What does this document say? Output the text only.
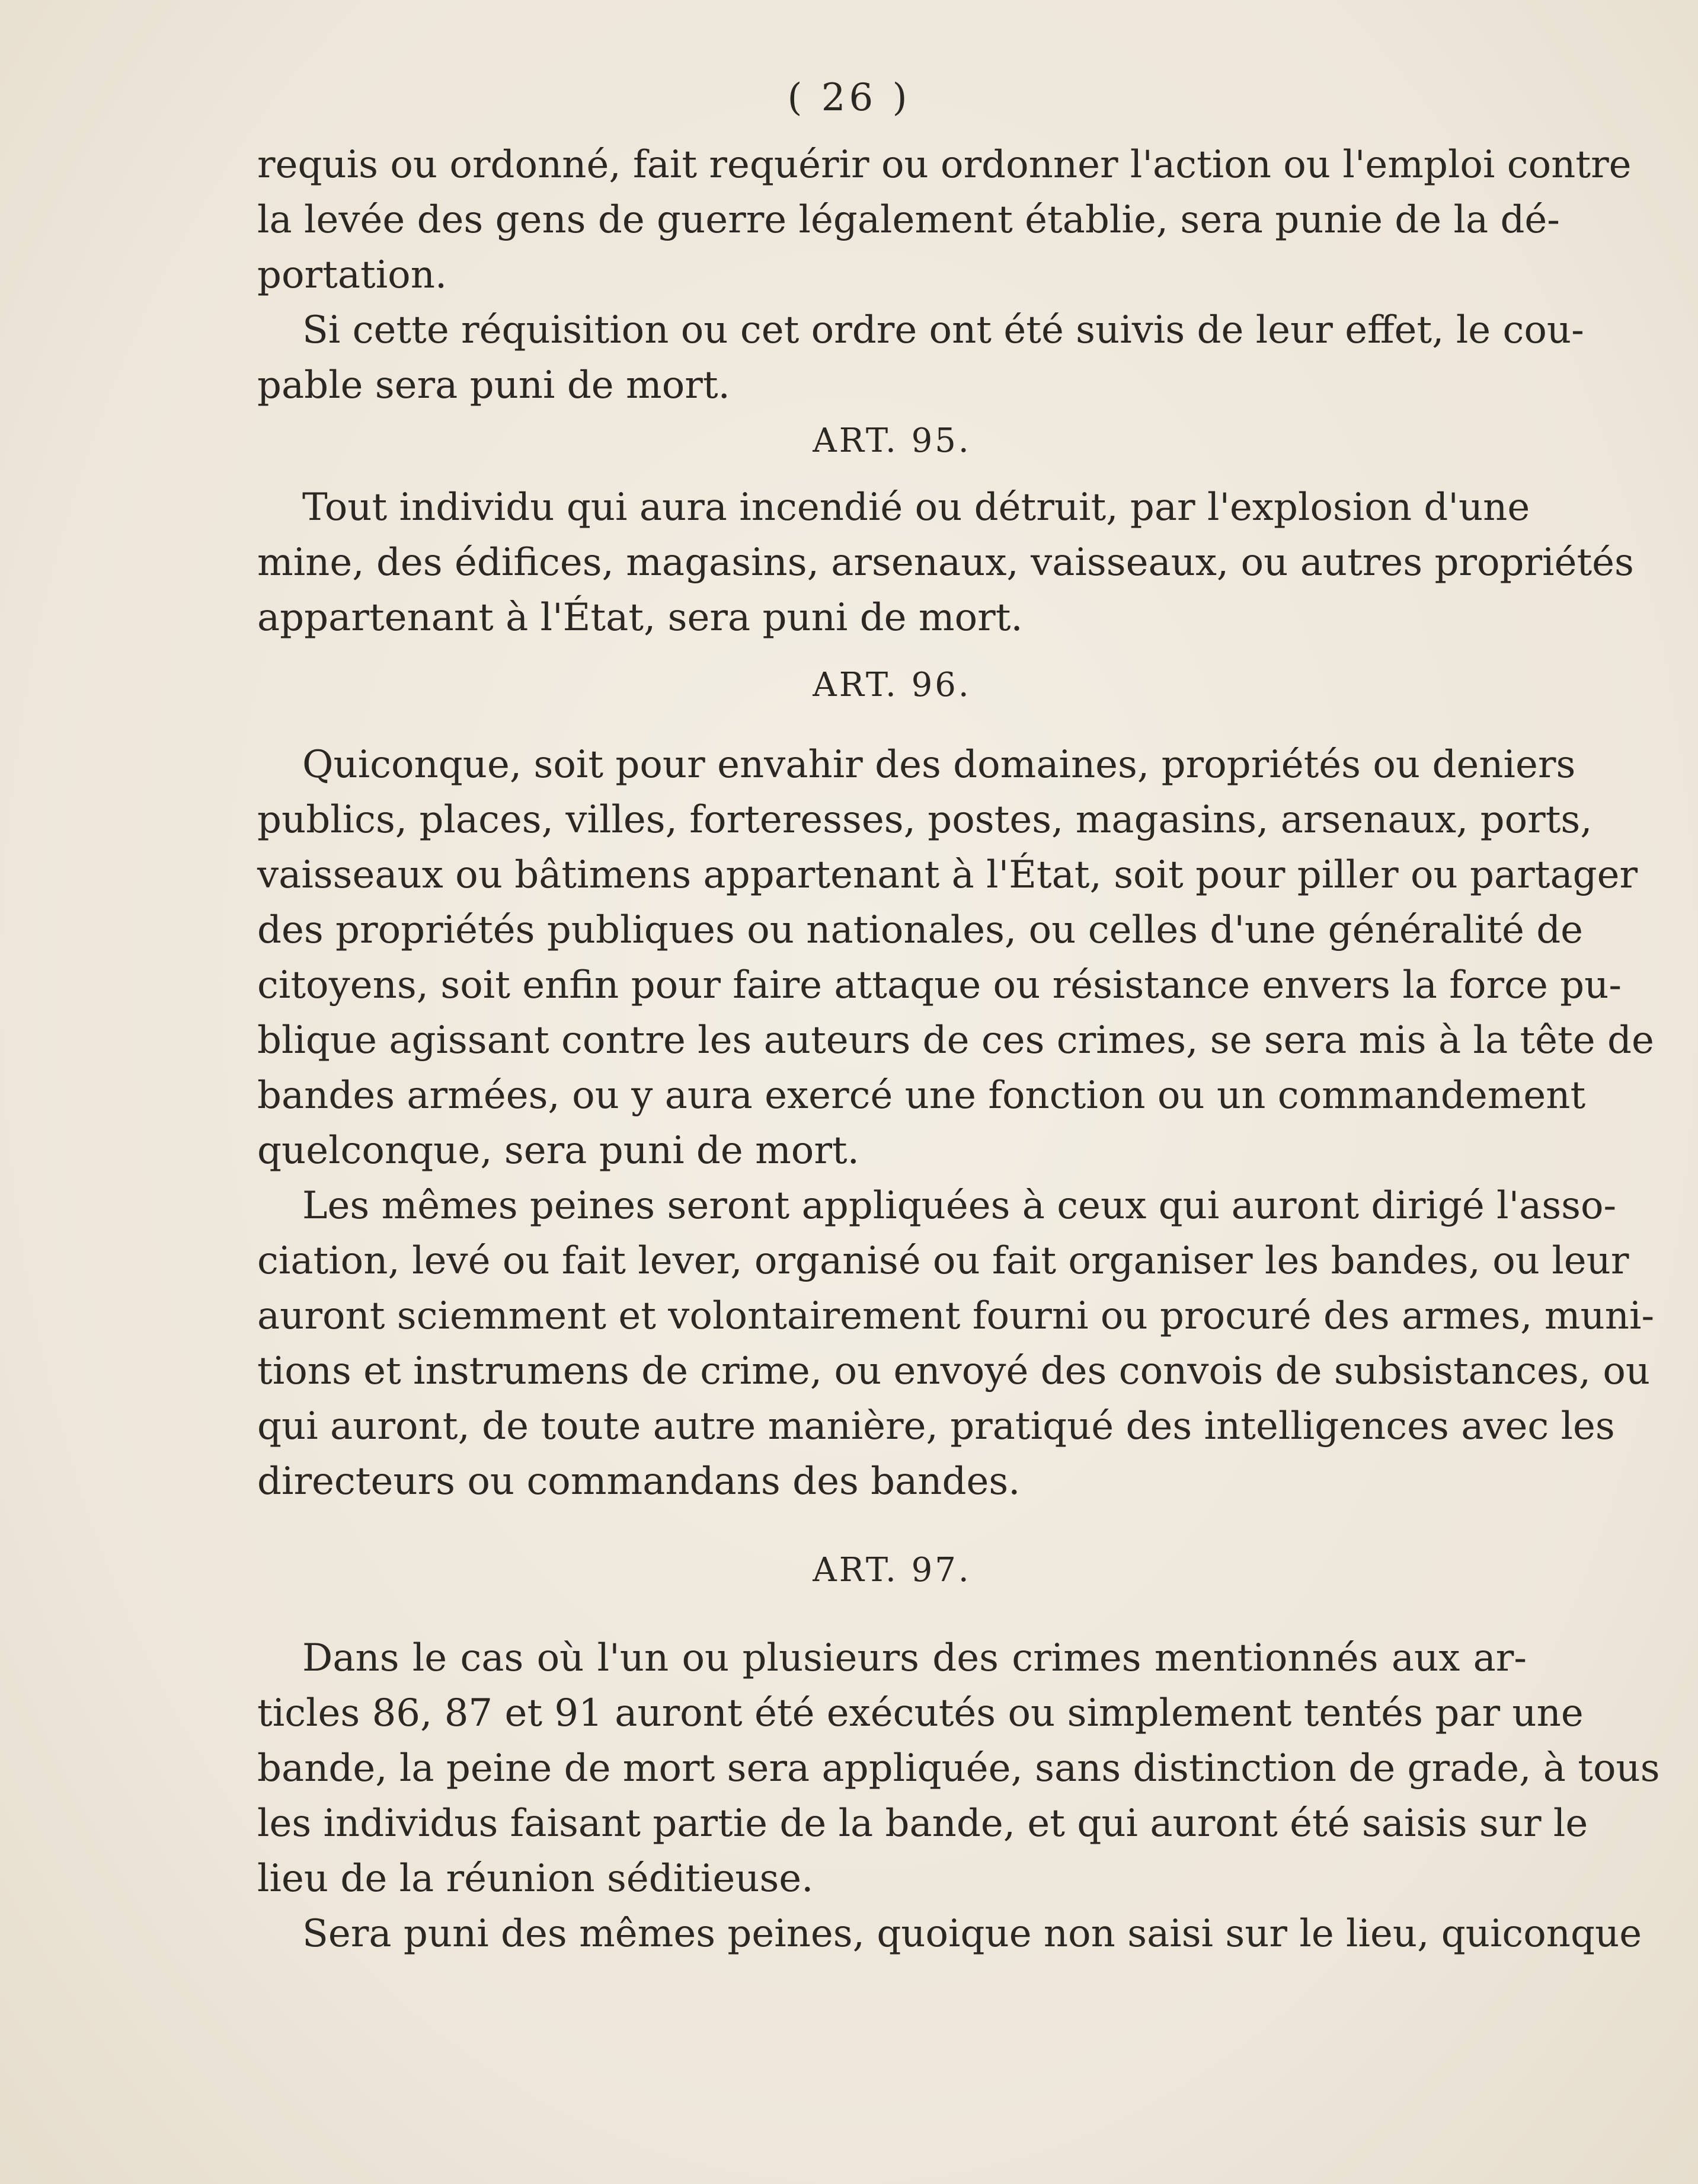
( 26 )
requis ou ordonné, fait requérir ou ordonner l'action ou l'emploi contre
la levée des gens de guerre légalement établie, sera punie de la dé-
portation.
Si cette réquisition ou cet ordre ont été suivis de leur effet, le cou-
pable sera puni de mort.
ART. 95.
Tout individu qui aura incendié ou détruit, par l'explosion d'une
mine, des édifices, magasins, arsenaux, vaisseaux, ou autres propriétés
appartenant à l'État, sera puni de mort.
ART. 96.
Quiconque, soit pour envahir des domaines, propriétés ou deniers
publics, places, villes, forteresses, postes, magasins, arsenaux, ports,
vaisseaux ou bâtimens appartenant à l'État, soit pour piller ou partager
des propriétés publiques ou nationales, ou celles d'une généralité de
citoyens, soit enfin pour faire attaque ou résistance envers la force pu-
blique agissant contre les auteurs de ces crimes, se sera mis à la tête de
bandes armées, ou y aura exercé une fonction ou un commandement
quelconque, sera puni de mort.
Les mêmes peines seront appliquées à ceux qui auront dirigé l'asso-
ciation, levé ou fait lever, organisé ou fait organiser les bandes, ou leur
auront sciemment et volontairement fourni ou procuré des armes, muni-
tions et instrumens de crime, ou envoyé des convois de subsistances, ou
qui auront, de toute autre manière, pratiqué des intelligences avec les
directeurs ou commandans des bandes.
ART. 97.
Dans le cas où l'un ou plusieurs des crimes mentionnés aux ar-
ticles 86, 87 et 91 auront été exécutés ou simplement tentés par une
bande, la peine de mort sera appliquée, sans distinction de grade, à tous
les individus faisant partie de la bande, et qui auront été saisis sur le
lieu de la réunion séditieuse.
Sera puni des mêmes peines, quoique non saisi sur le lieu, quiconque
